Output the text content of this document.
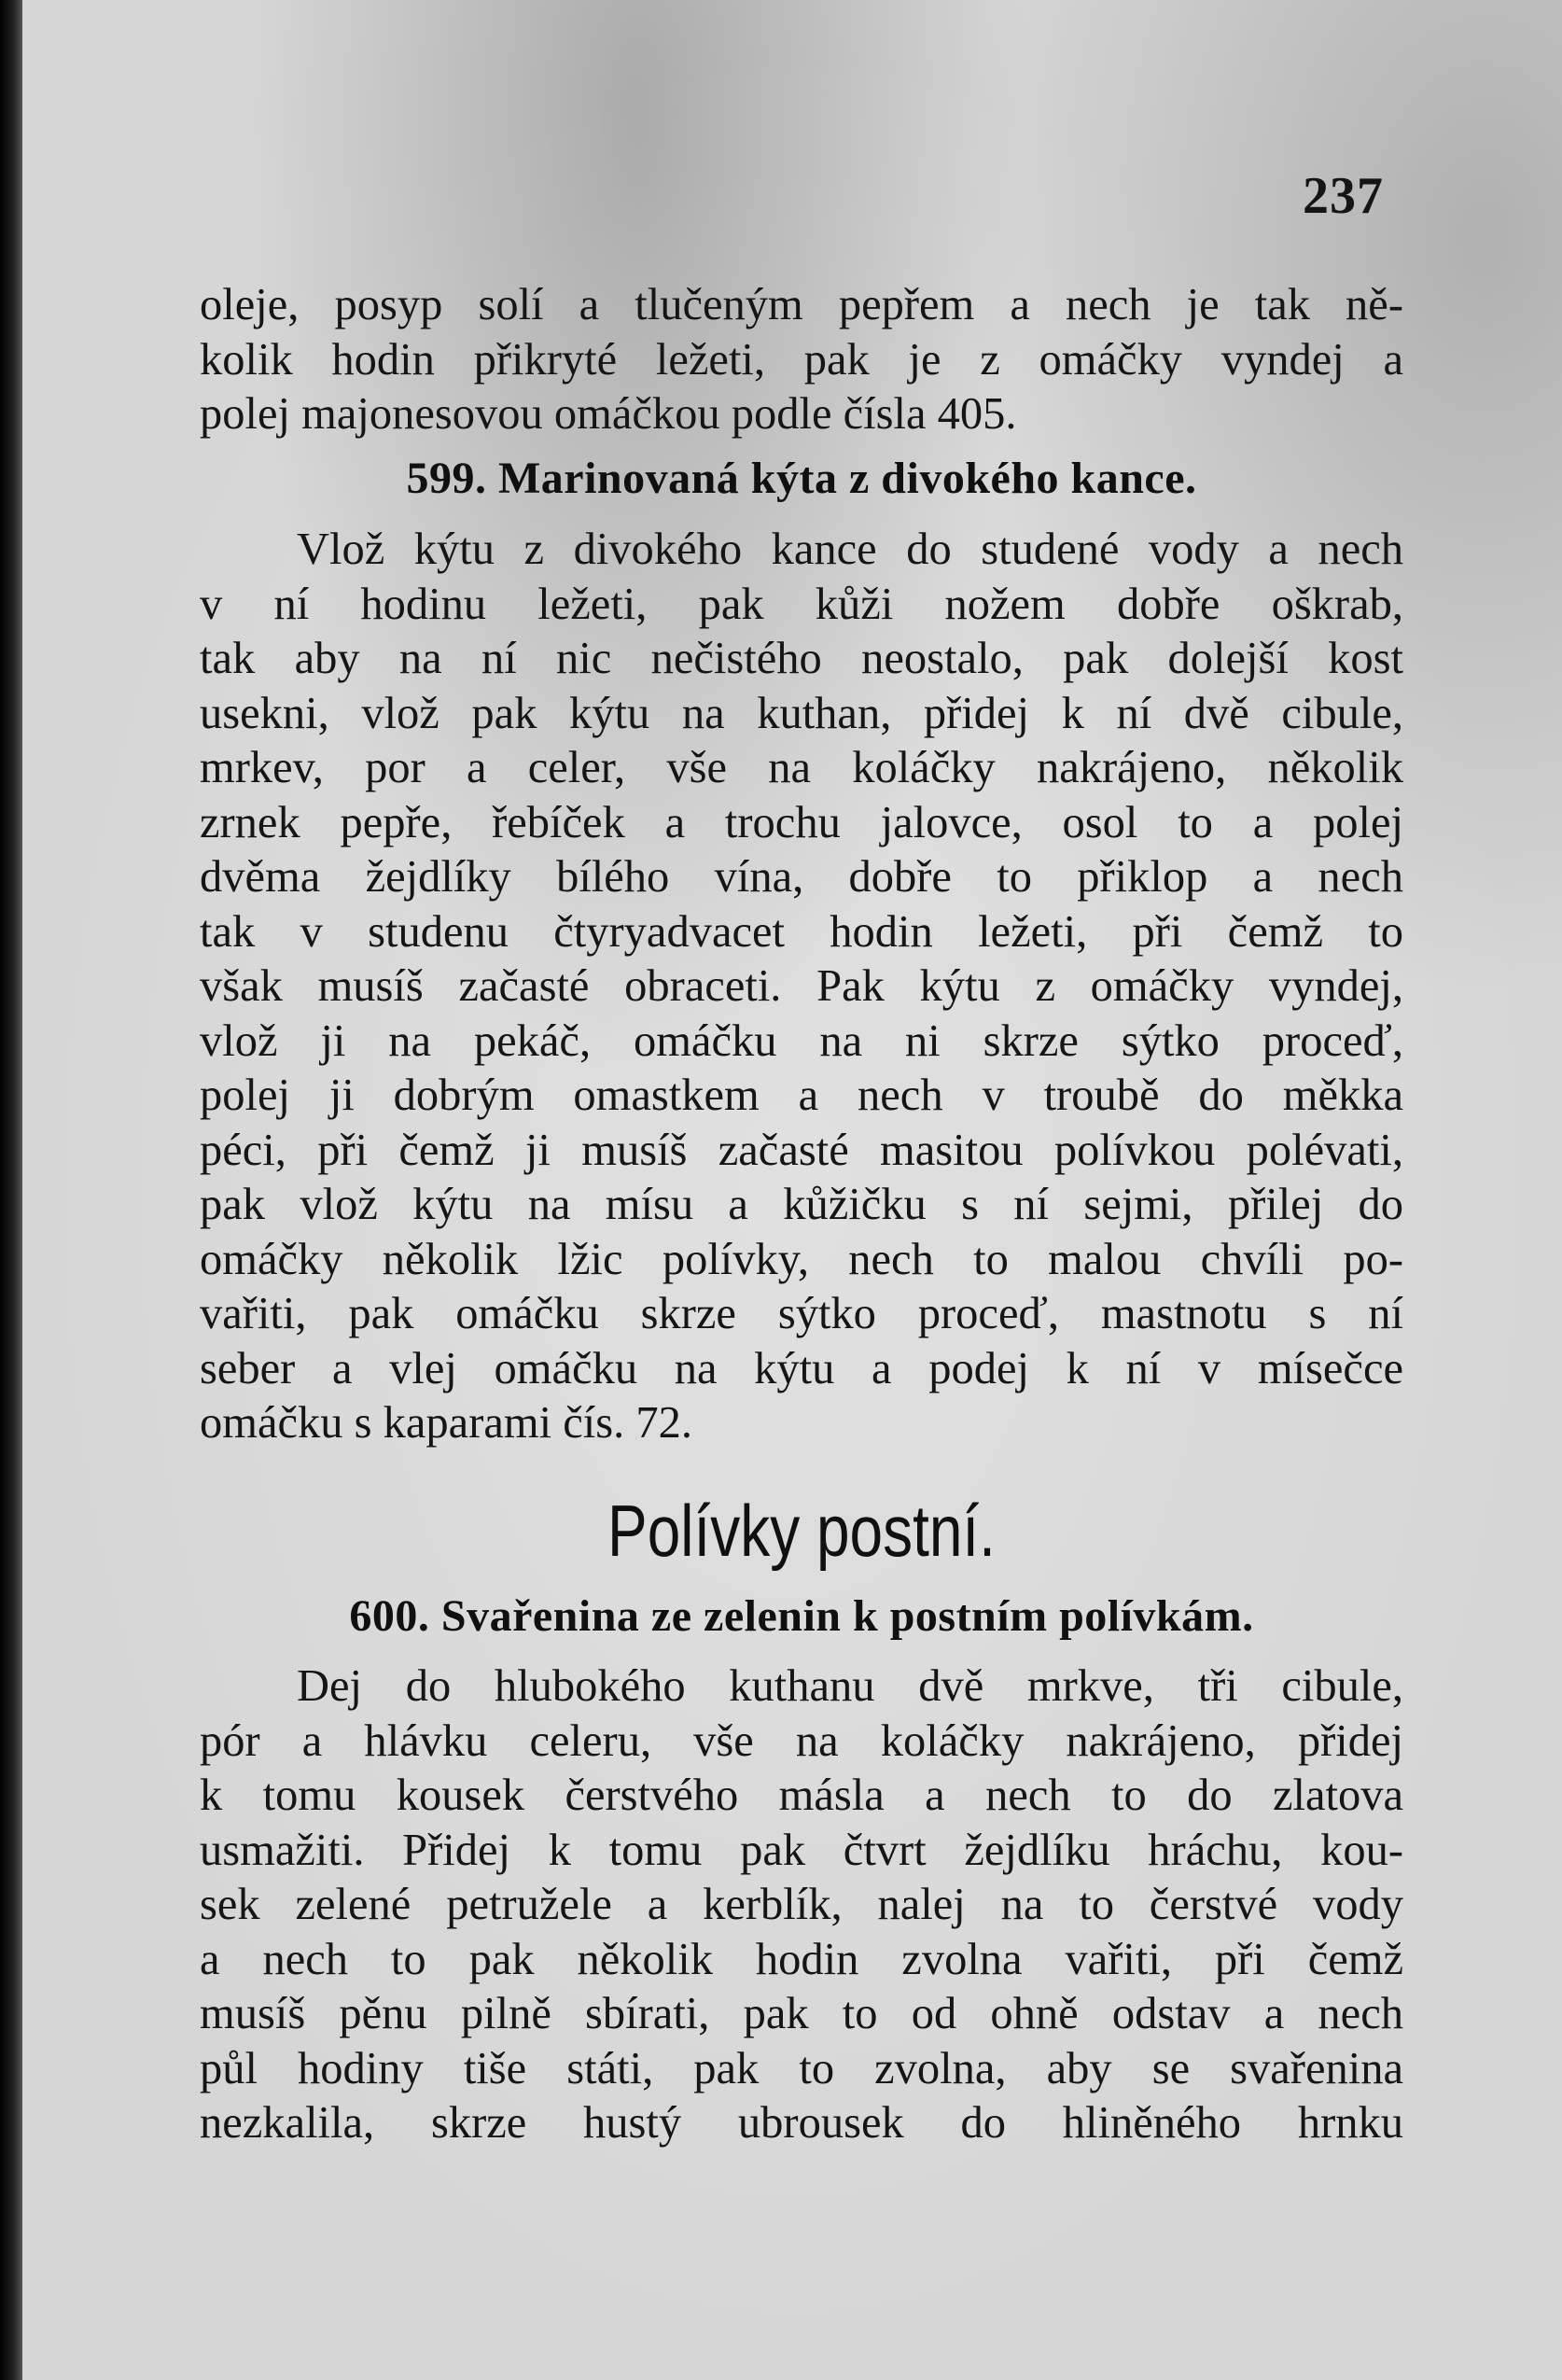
237
oleje, posyp solí a tlučeným pepřem a nech je tak ně-
kolik hodin přikryté ležeti, pak je z omáčky vyndej a
polej majonesovou omáčkou podle čísla 405.
599. Marinovaná kýta z divokého kance.
Vlož kýtu z divokého kance do studené vody a nech
v ní hodinu ležeti, pak kůži nožem dobře oškrab,
tak aby na ní nic nečistého neostalo, pak dolejší kost
usekni, vlož pak kýtu na kuthan, přidej k ní dvě cibule,
mrkev, por a celer, vše na koláčky nakrájeno, několik
zrnek pepře, řebíček a trochu jalovce, osol to a polej
dvěma žejdlíky bílého vína, dobře to přiklop a nech
tak v studenu čtyryadvacet hodin ležeti, při čemž to
však musíš začasté obraceti. Pak kýtu z omáčky vyndej,
vlož ji na pekáč, omáčku na ni skrze sýtko proceď,
polej ji dobrým omastkem a nech v troubě do měkka
péci, při čemž ji musíš začasté masitou polívkou polévati,
pak vlož kýtu na mísu a kůžičku s ní sejmi, přilej do
omáčky několik lžic polívky, nech to malou chvíli po-
vařiti, pak omáčku skrze sýtko proceď, mastnotu s ní
seber a vlej omáčku na kýtu a podej k ní v mísečce
omáčku s kaparami čís. 72.
Polívky postní.
600. Svařenina ze zelenin k postním polívkám.
Dej do hlubokého kuthanu dvě mrkve, tři cibule,
pór a hlávku celeru, vše na koláčky nakrájeno, přidej
k tomu kousek čerstvého másla a nech to do zlatova
usmažiti. Přidej k tomu pak čtvrt žejdlíku hráchu, kou-
sek zelené petružele a kerblík, nalej na to čerstvé vody
a nech to pak několik hodin zvolna vařiti, při čemž
musíš pěnu pilně sbírati, pak to od ohně odstav a nech
půl hodiny tiše státi, pak to zvolna, aby se svařenina
nezkalila, skrze hustý ubrousek do hliněného hrnku
